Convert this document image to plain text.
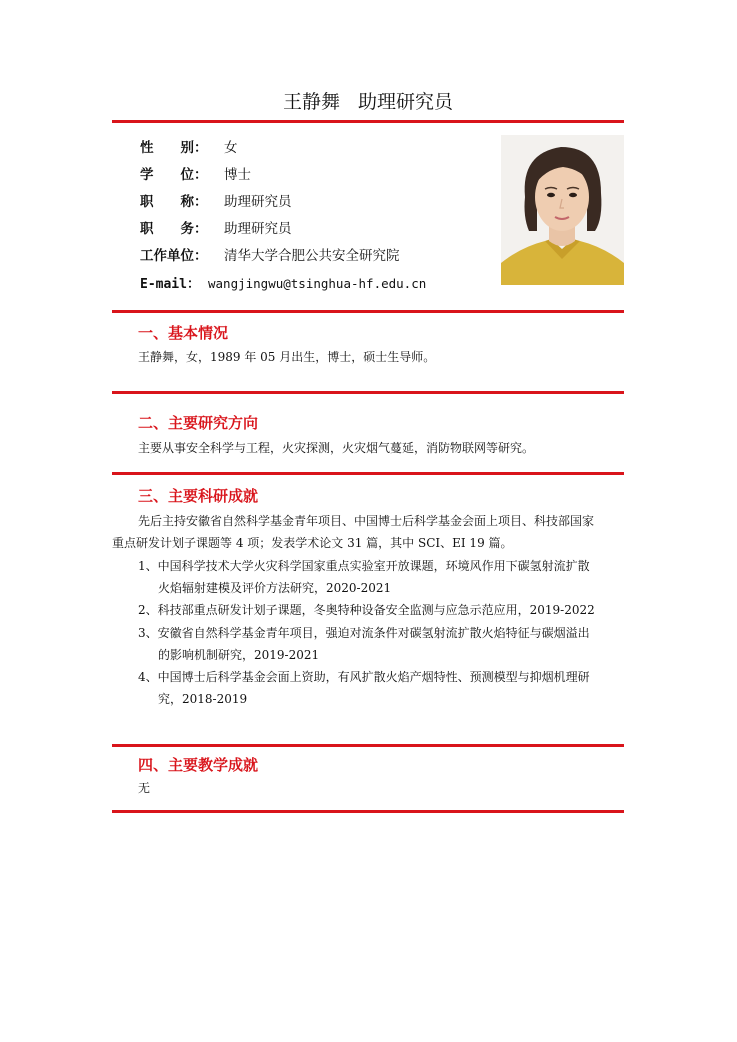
王静舞 助理研究员
性　　别： 女
学　　位： 博士
职　　称： 助理研究员
职　　务： 助理研究员
工作单位： 清华大学合肥公共安全研究院
E-mail： wangjingwu@tsinghua-hf.edu.cn
一、基本情况
王静舞，女，1989 年 05 月出生，博士，硕士生导师。
二、主要研究方向
主要从事安全科学与工程，火灾探测，火灾烟气蔓延，消防物联网等研究。
三、主要科研成就
先后主持安徽省自然科学基金青年项目、中国博士后科学基金会面上项目、科技部国家
重点研发计划子课题等 4 项；发表学术论文 31 篇，其中 SCI、EI 19 篇。
1、中国科学技术大学火灾科学国家重点实验室开放课题，环境风作用下碳氢射流扩散
火焰辐射建模及评价方法研究，2020-2021
2、科技部重点研发计划子课题，冬奥特种设备安全监测与应急示范应用，2019-2022
3、安徽省自然科学基金青年项目，强迫对流条件对碳氢射流扩散火焰特征与碳烟溢出
的影响机制研究，2019-2021
4、中国博士后科学基金会面上资助，有风扩散火焰产烟特性、预测模型与抑烟机理研
究，2018-2019
四、主要教学成就
无
